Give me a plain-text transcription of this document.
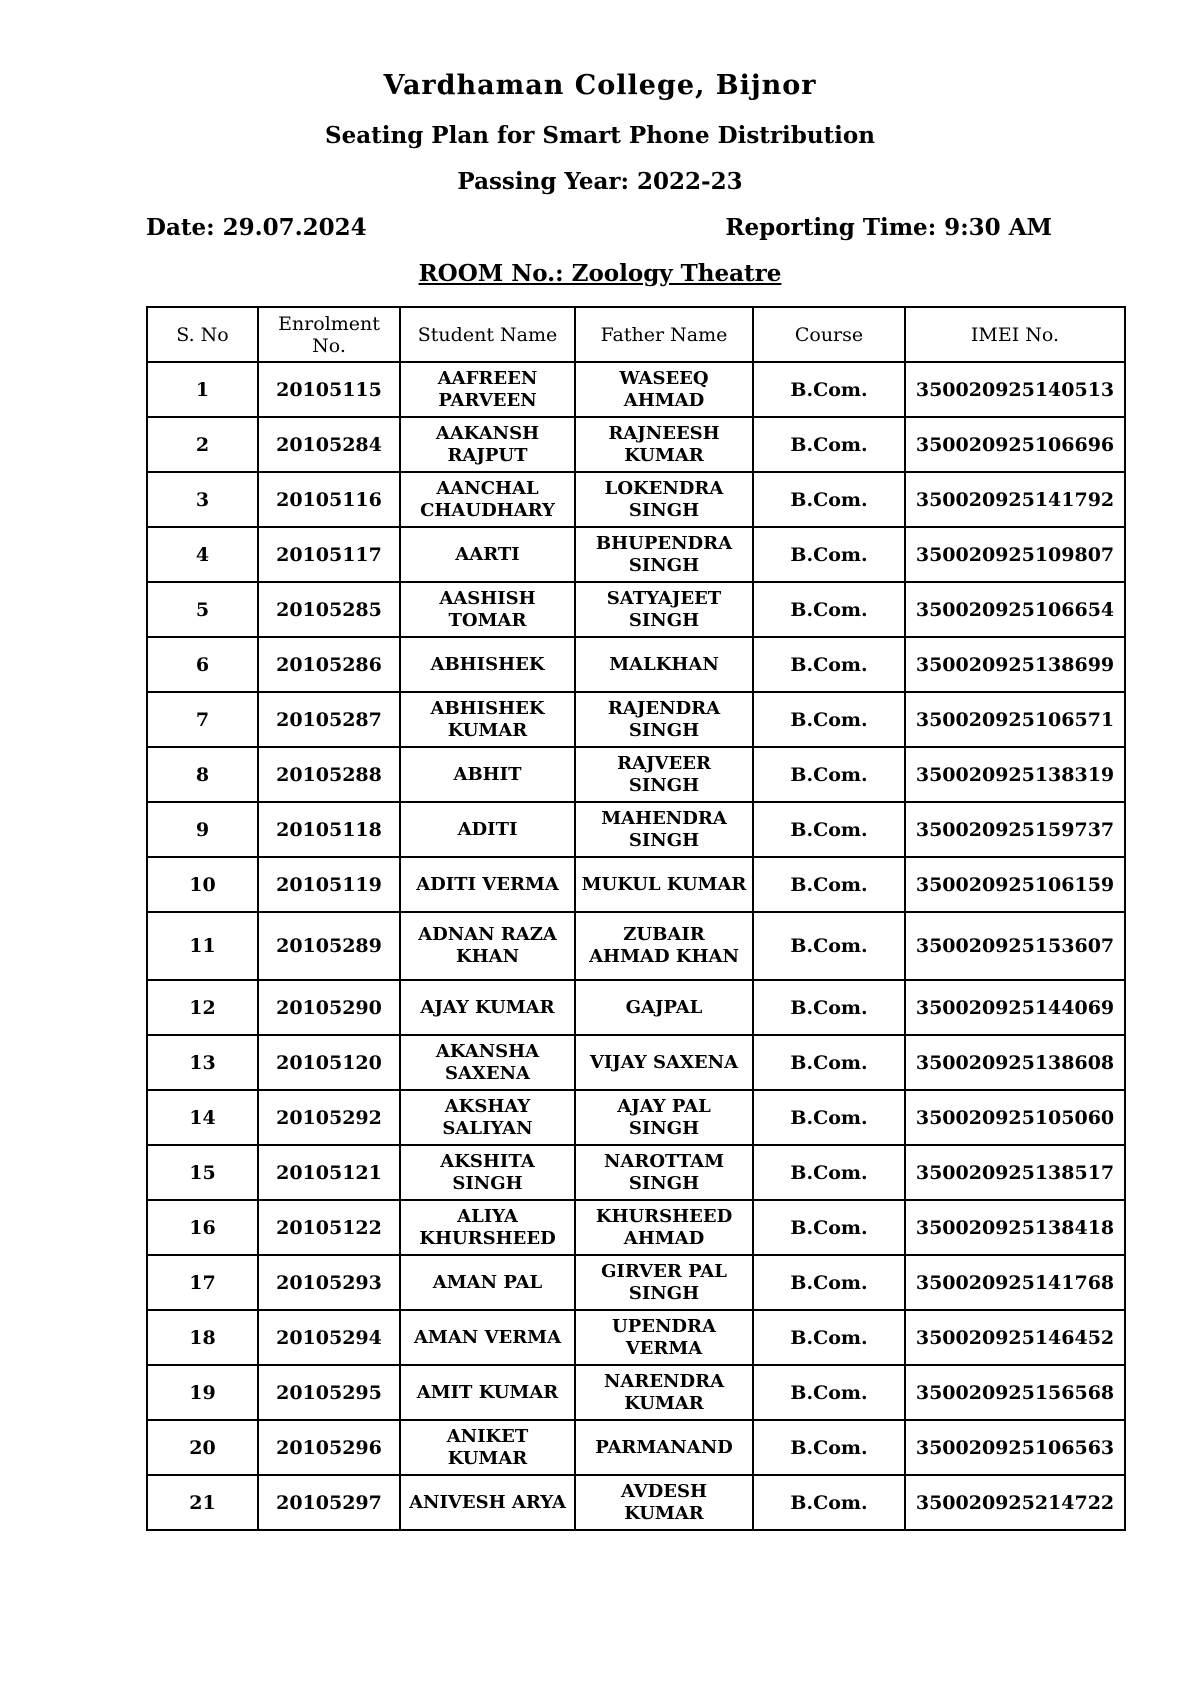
Vardhaman College, Bijnor
Seating Plan for Smart Phone Distribution
Passing Year: 2022-23
Date: 29.07.2024	Reporting Time: 9:30 AM
ROOM No.: Zoology Theatre
S. No	Enrolment No.	Student Name	Father Name	Course	IMEI No.
1	20105115	AAFREEN PARVEEN	WASEEQ AHMAD	B.Com.	350020925140513
2	20105284	AAKANSH RAJPUT	RAJNEESH KUMAR	B.Com.	350020925106696
3	20105116	AANCHAL CHAUDHARY	LOKENDRA SINGH	B.Com.	350020925141792
4	20105117	AARTI	BHUPENDRA SINGH	B.Com.	350020925109807
5	20105285	AASHISH TOMAR	SATYAJEET SINGH	B.Com.	350020925106654
6	20105286	ABHISHEK	MALKHAN	B.Com.	350020925138699
7	20105287	ABHISHEK KUMAR	RAJENDRA SINGH	B.Com.	350020925106571
8	20105288	ABHIT	RAJVEER SINGH	B.Com.	350020925138319
9	20105118	ADITI	MAHENDRA SINGH	B.Com.	350020925159737
10	20105119	ADITI VERMA	MUKUL KUMAR	B.Com.	350020925106159
11	20105289	ADNAN RAZA KHAN	ZUBAIR AHMAD KHAN	B.Com.	350020925153607
12	20105290	AJAY KUMAR	GAJPAL	B.Com.	350020925144069
13	20105120	AKANSHA SAXENA	VIJAY SAXENA	B.Com.	350020925138608
14	20105292	AKSHAY SALIYAN	AJAY PAL SINGH	B.Com.	350020925105060
15	20105121	AKSHITA SINGH	NAROTTAM SINGH	B.Com.	350020925138517
16	20105122	ALIYA KHURSHEED	KHURSHEED AHMAD	B.Com.	350020925138418
17	20105293	AMAN PAL	GIRVER PAL SINGH	B.Com.	350020925141768
18	20105294	AMAN VERMA	UPENDRA VERMA	B.Com.	350020925146452
19	20105295	AMIT KUMAR	NARENDRA KUMAR	B.Com.	350020925156568
20	20105296	ANIKET KUMAR	PARMANAND	B.Com.	350020925106563
21	20105297	ANIVESH ARYA	AVDESH KUMAR	B.Com.	350020925214722
